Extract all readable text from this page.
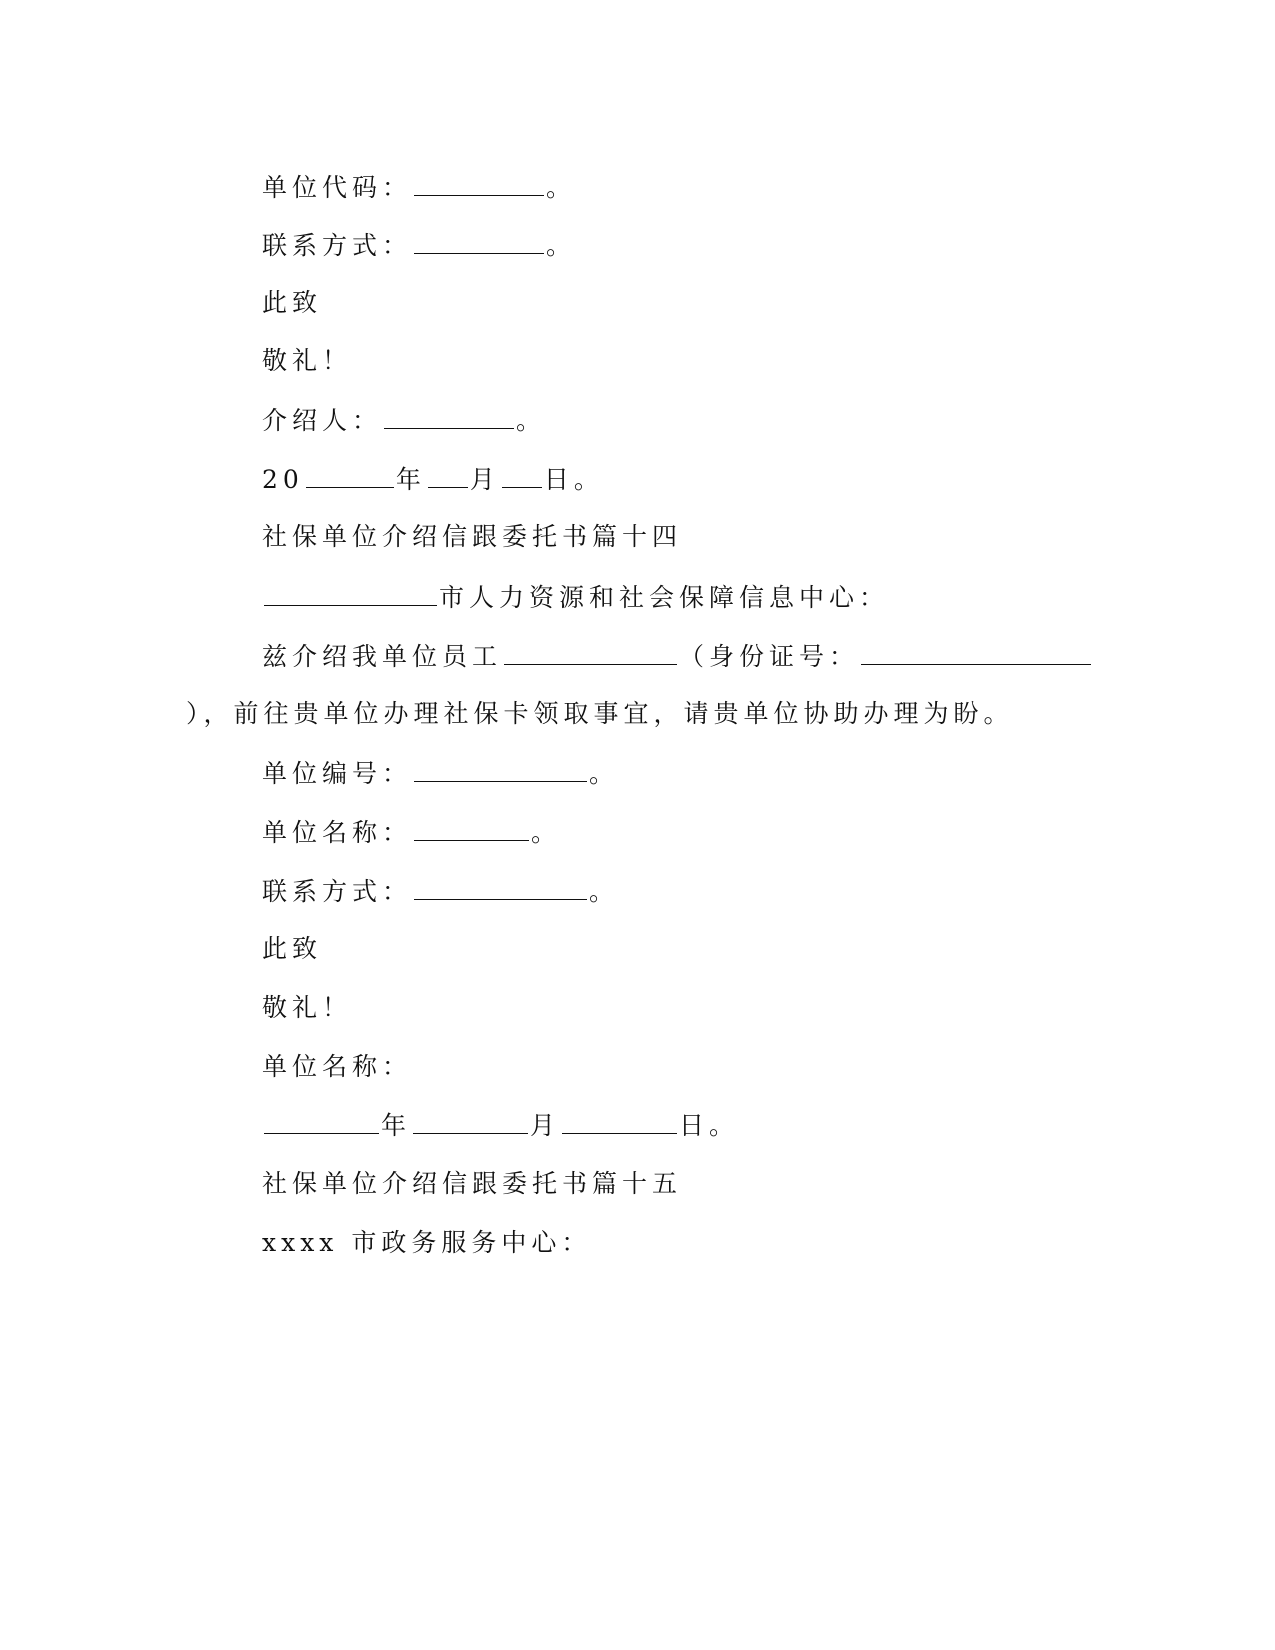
单位代码：	。
联系方式：	。
此致
敬礼！
介绍人：	。
20	年 月 日。
社保单位介绍信跟委托书篇十四
市人力资源和社会保障信息中心：
兹介绍我单位员工	（身份证号：
），前往贵单位办理社保卡领取事宜，请贵单位协助办理为盼。
单位编号：	。
单位名称：	。
联系方式：	。
此致
敬礼！
单位名称：
年	月	日。
社保单位介绍信跟委托书篇十五
xxxx 市政务服务中心：
